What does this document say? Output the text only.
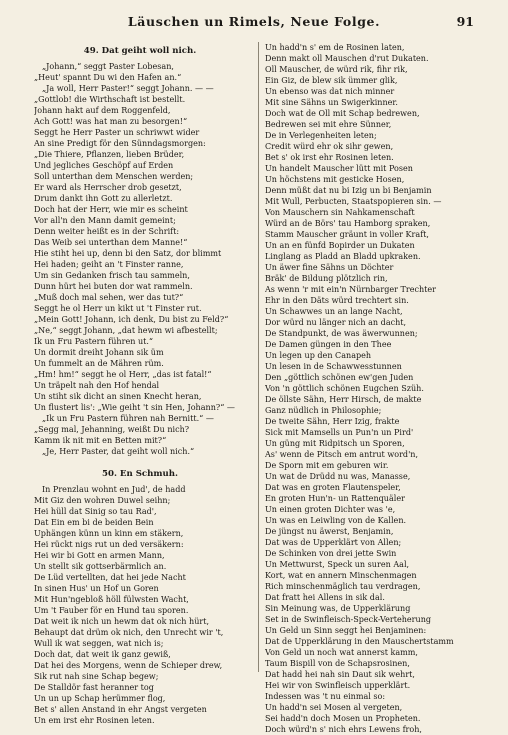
Läuschen un Rimels, Neue Folge.	91
49. Dat geiht woll nich.
„Johann,“ seggt Paster Lobesan,
„Heut' spannt Du wi den Hafen an.“
„Ja woll, Herr Paster!“ seggt Johann. — —
„Gottlob! die Wirthschaft ist bestellt.
Johann hakt auf dem Roggenfeld,
Ach Gott! was hat man zu besorgen!“
Seggt he Herr Paster un schriwwt wider
An sine Predigt för den Sünndagsmorgen:
„Die Thiere, Pflanzen, lieben Brüder,
Und jegliches Geschöpf auf Erden
Soll unterthan dem Menschen werden;
Er ward als Herrscher drob gesetzt,
Drum dankt ihn Gott zu allerletzt.
Doch hat der Herr, wie mir es scheint
Vor all'n den Mann damit gemeint;
Denn weiter heißt es in der Schrift:
Das Weib sei unterthan dem Manne!“
Hie stiht hei up, denn bi den Satz, dor blimmt
Hei haden; geiht an 't Finster ranne,
Um sin Gedanken frisch tau sammeln,
Dunn hürt hei buten dor wat rammeln.
„Muß doch mal sehen, wer das tut?“
Seggt he ol Herr un kikt ut 't Finster rut.
„Mein Gott! Johann, ich denk, Du bist zu Feld?“
„Ne,“ seggt Johann, „dat hewm wi afbestellt;
Ik un Fru Pastern führen ut.“
Un dormit dreiht Johann sik üm
Un fummelt an de Mähren rüm.
„Hm! hm!“ seggt he ol Herr, „das ist fatal!“
Un träpelt nah den Hof hendal
Un stiht sik dicht an sinen Knecht heran,
Un flustert lis': „Wie geiht 't sin Hen, Johann?“ —
„Ik un Fru Pastern führen nah Bernitt.“ —
„Segg mal, Jehanning, weißt Du nich?
Kamm ik nit mit en Betten mit?“
„Je, Herr Paster, dat geiht woll nich.“
50. En Schmuh.
In Prenzlau wohnt en Jud', de hadd
Mit Giz den wohren Duwel seihn;
Hei hüll dat Sinig so tau Rad',
Dat Ein em bi de beiden Bein
Uphängen künn un kinn em stäkern,
Hei rückt nigs rut un ded versäkern:
Hei wir bi Gott en armen Mann,
Un stellt sik gottserbärmlich an.
De Lüd vertellten, dat hei jede Nacht
In sinen Hus' un Hof un Goren
Mit Hun'ngebloß höll fülwsten Wacht,
Um 't Fauber för en Hund tau sporen.
Dat weit ik nich un hewm dat ok nich hürt,
Behaupt dat drüm ok nich, den Unrecht wir 't,
Wull ik wat seggen, wat nich is;
Doch dat, dat weit ik ganz gewiß,
Dat hei des Morgens, wenn de Schieper drew,
Sik rut nah sine Schap begew;
De Stalldör fast heranner tog
Un un up Schap herümmer flog,
Bet s' allen Anstand in ehr Angst vergeten
Un em irst ehr Rosinen leten.
Un hadd'n s' em de Rosinen laten,
Denn makt oll Mauschen d'rut Dukaten.
Oll Mauscher, de würd rik, fihr rik,
Ein Giz, de blew sik ümmer glik,
Un ebenso was dat nich minner
Mit sine Sähns un Swigerkinner.
Doch wat de Oll mit Schap bedrewen,
Bedrewen sei mit ehre Sünner,
De in Verlegenheiten leten;
Credit würd ehr ok sihr gewen,
Bet s' ok irst ehr Rosinen leten.
Un handelt Mauscher lütt mit Posen
Un höchstens mit gesticke Hosen,
Denn müßt dat nu bi Izig un bi Benjamin
Mit Wull, Perbucten, Staatspopieren sin. —
Von Mauschern sin Nahkamenschaft
Würd an de Börs' tau Hamborg spraken,
Stamm Mauscher gräunt in voller Kraft,
Un an en fünfd Bopirder un Dukaten
Linglang as Pladd an Bladd upkraken.
Un äwer fine Sähns un Döchter
Bräk' de Bildung plötzlich rin,
As wenn 'r mit ein'n Nürnbarger Trechter
Ehr in den Däts würd trechtert sin.
Un Schawwes un an lange Nacht,
Dor würd nu länger nich an dacht,
De Standpunkt, de was äwerwunnen;
De Damen güngen in den Thee
Un legen up den Canapeh
Un lesen in de Schawwesstunnen
Den „göttlich schönen ew'gen Juden
Von 'n göttlich schönen Eugchen Szüh.
De öllste Sähn, Herr Hirsch, de makte
Ganz nüdlich in Philosophie;
De tweite Sähn, Herr Izig, frakte
Sick mit Mamsells un Pun'n un Pird'
Un güng mit Ridpitsch un Sporen,
As' wenn de Pitsch em antrut word'n,
De Sporn mit em geburen wir.
Un wat de Drüdd nu was, Manasse,
Dat was en groten Flautenspeler,
En groten Hun'n- un Rattenquäler
Un einen groten Dichter was 'e,
Un was en Leiwling von de Kallen.
De jüngst nu äwerst, Benjamin,
Dat was de Upperklärt von Allen;
De Schinken von drei jette Swin
Un Mettwurst, Speck un suren Aal,
Kort, wat en annern Minschenmagen
Rich minschenmäglich tau verdragen,
Dat fratt hei Allens in sik dal.
Sin Meinung was, de Upperklärung
Set in de Swinfleisch-Speck-Verteherung
Un Geld un Sinn seggt hei Benjaminen:
Dat de Upperklärung in den Mauschertstamm
Von Geld un noch wat annerst kamm,
Taum Bispill von de Schapsrosinen,
Dat hadd hei nah sin Daut sik wehrt,
Hei wir von Swinfleisch upperklärt.
Indessen was 't nu einmal so:
Un hadd'n sei Mosen al vergeten,
Sei hadd'n doch Mosen un Propheten.
Doch würd'n s' nich ehrs Lewens froh,
